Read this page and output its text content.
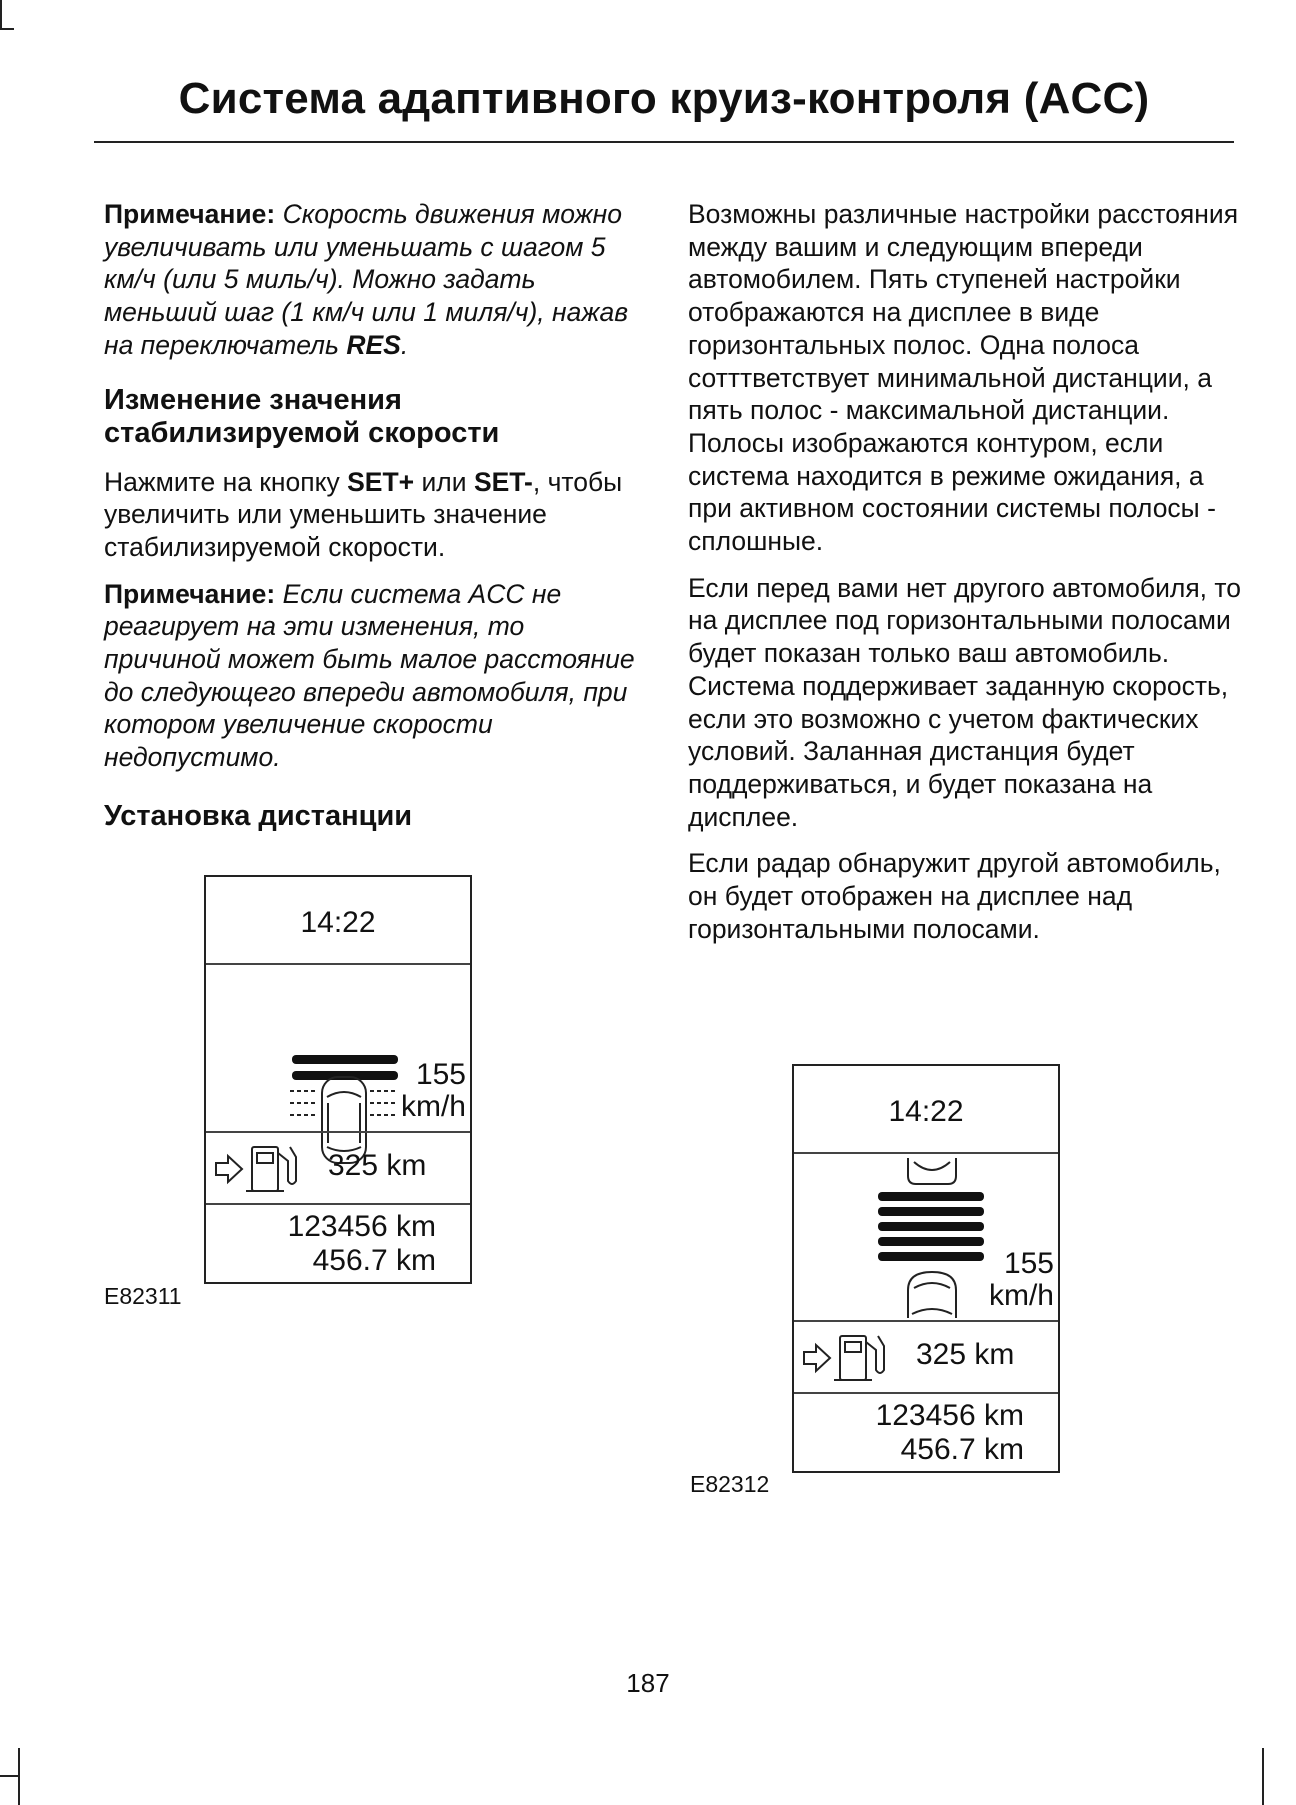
Система адаптивного круиз-контроля (ACC)

Примечание: Скорость движения можно увеличивать или уменьшать с шагом 5 км/ч (или 5 миль/ч). Можно задать меньший шаг (1 км/ч или 1 миля/ч), нажав на переключатель RES.

Изменение значения стабилизируемой скорости

Нажмите на кнопку SET+ или SET-, чтобы увеличить или уменьшить значение стабилизируемой скорости.

Примечание: Если система ACC не реагирует на эти изменения, то причиной может быть малое расстояние до следующего впереди автомобиля, при котором увеличение скорости недопустимо.

Установка дистанции

Возможны различные настройки расстояния между вашим и следующим впереди автомобилем. Пять ступеней настройки отображаются на дисплее в виде горизонтальных полос. Одна полоса сотттветствует минимальной дистанции, а пять полос - максимальной дистанции. Полосы изображаются контуром, если система находится в режиме ожидания, а при активном состоянии системы полосы - сплошные.

Если перед вами нет другого автомобиля, то на дисплее под горизонтальными полосами будет показан только ваш автомобиль. Система поддерживает заданную скорость, если это возможно с учетом фактических условий. Заланная дистанция будет поддерживаться, и будет показана на дисплее.

Если радар обнаружит другой автомобиль, он будет отображен на дисплее над горизонтальными полосами.

14:22
155
km/h
325 km
123456 km
456.7 km
E82311
14:22
155
km/h
325 km
123456 km
456.7 km
E82312
187
